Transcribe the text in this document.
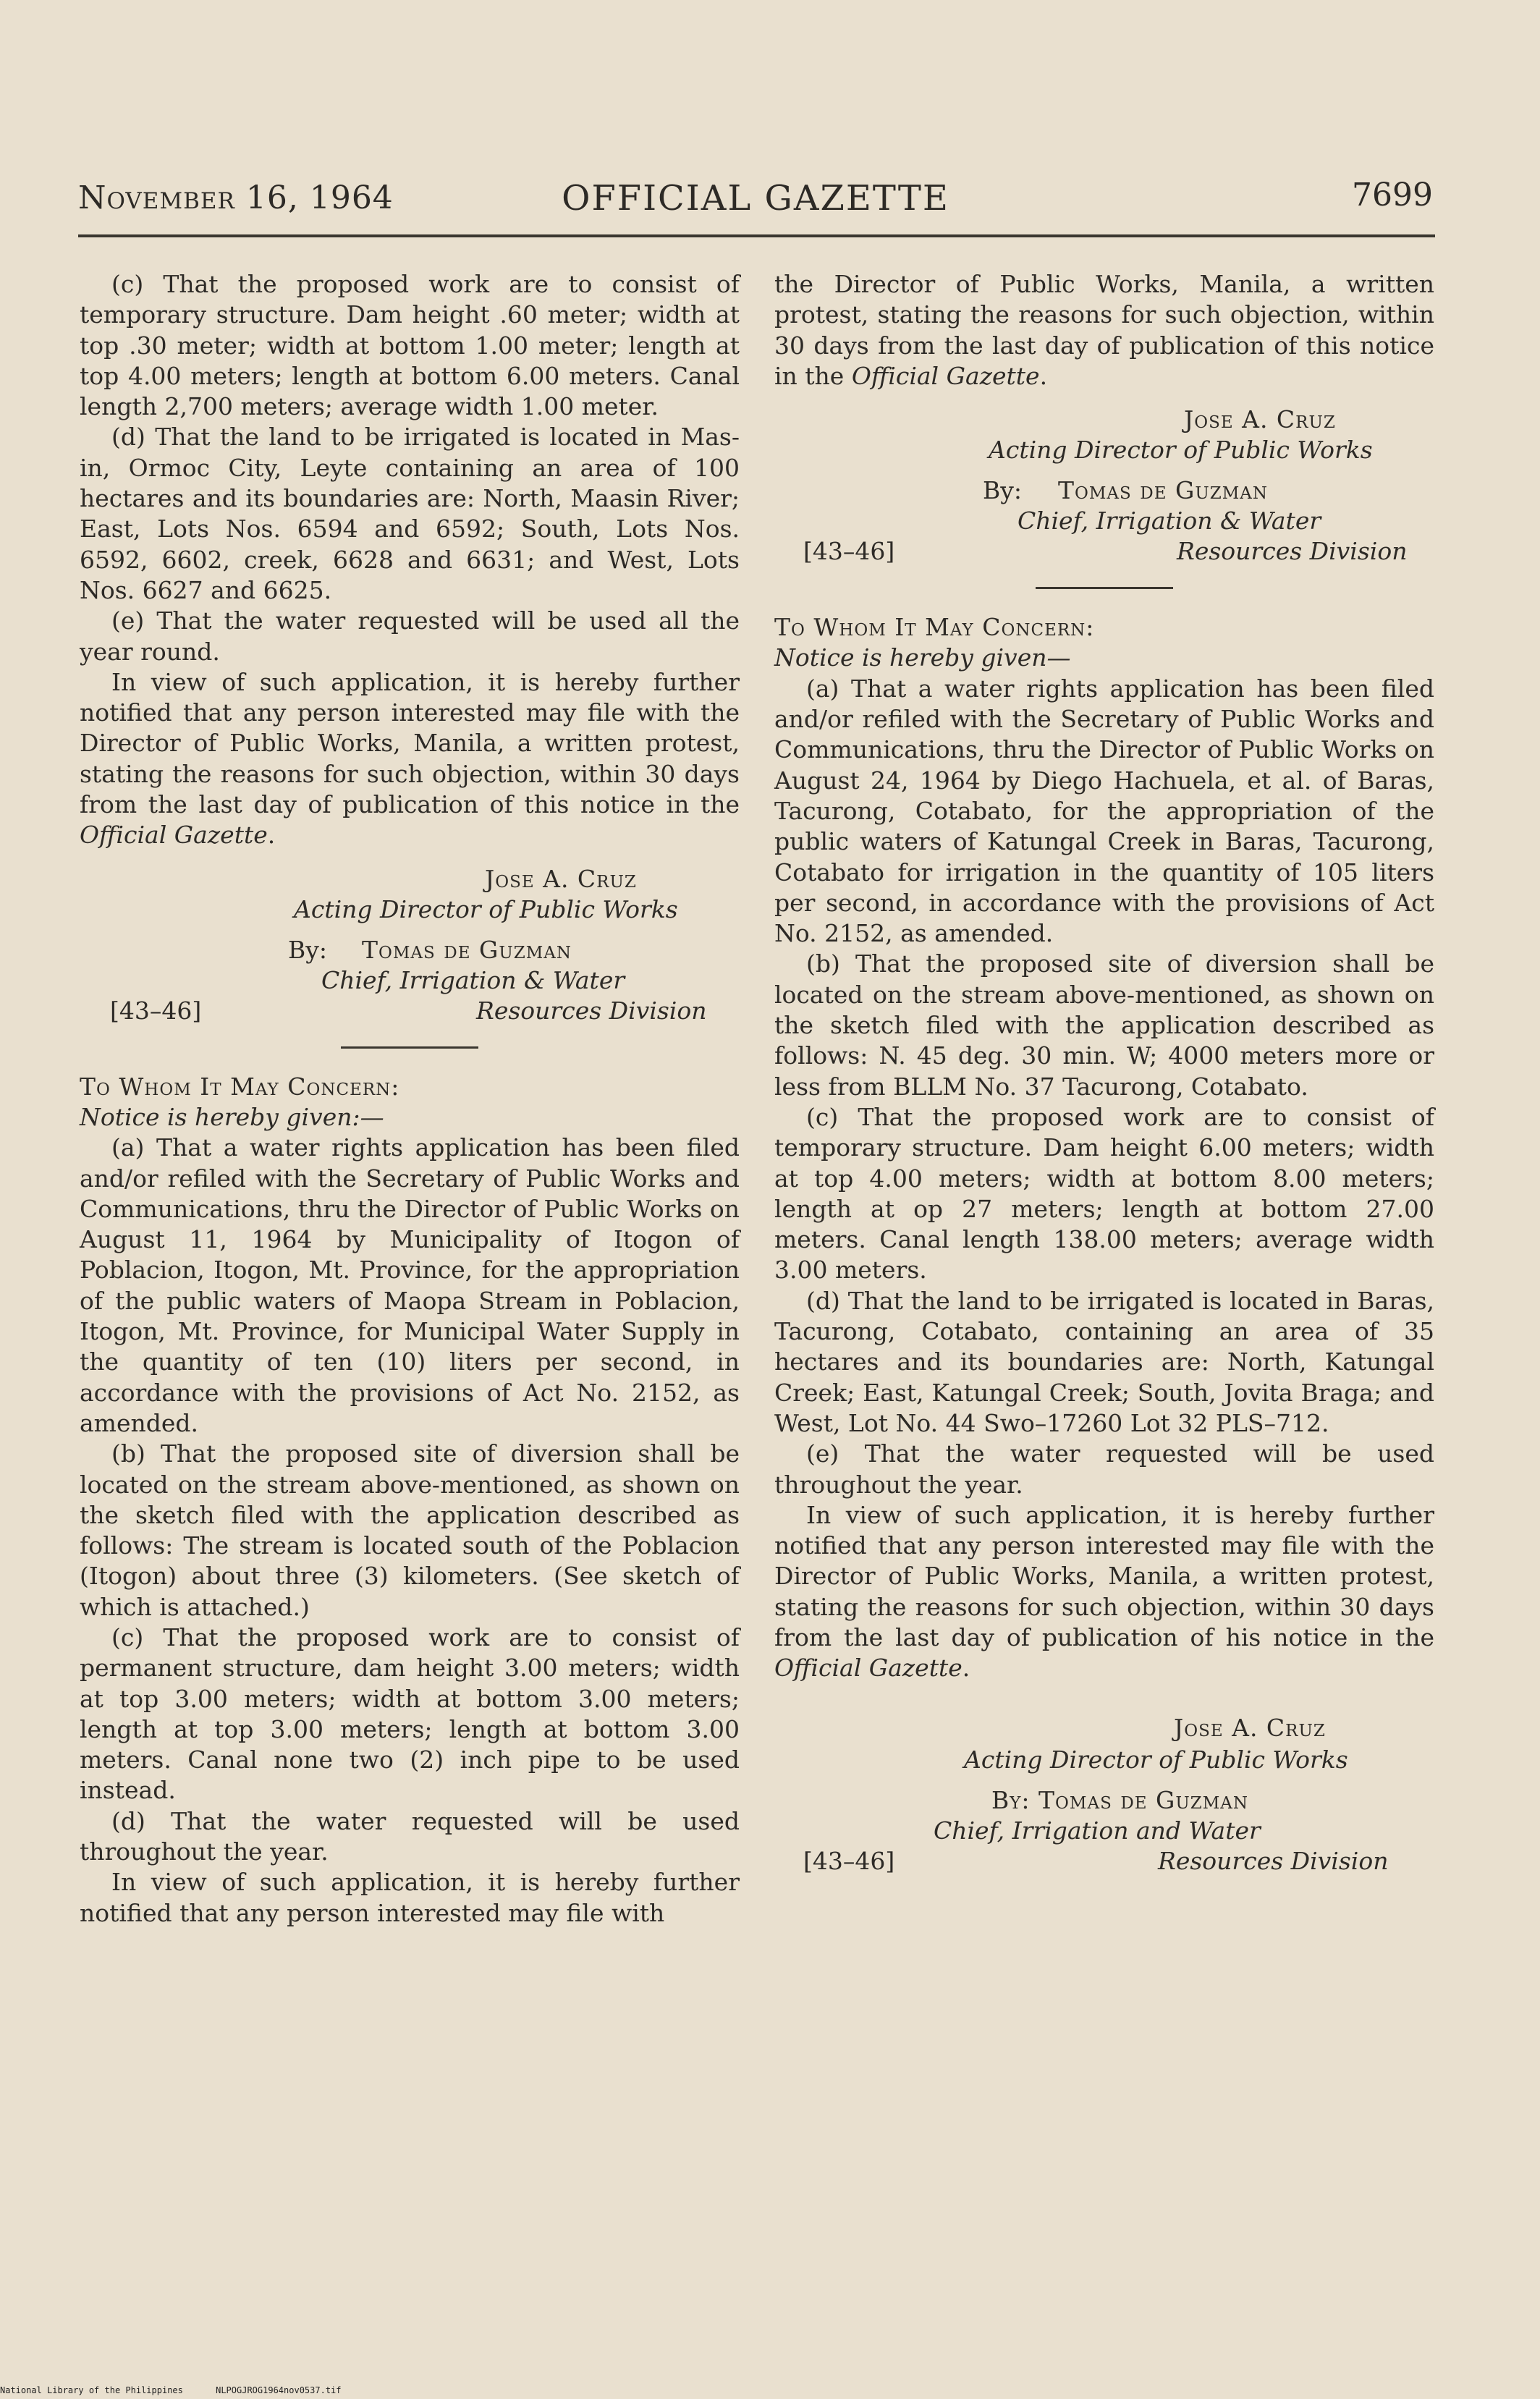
November 16, 1964	OFFICIAL GAZETTE	7699

(c) That the proposed work are to consist of temporary structure. Dam height .60 meter; width at top .30 meter; width at bottom 1.00 meter; length at top 4.00 meters; length at bottom 6.00 meters. Canal length 2,700 meters; average width 1.00 meter.

(d) That the land to be irrigated is located in Mas-in, Ormoc City, Leyte containing an area of 100 hectares and its boundaries are: North, Maasin River; East, Lots Nos. 6594 and 6592; South, Lots Nos. 6592, 6602, creek, 6628 and 6631; and West, Lots Nos. 6627 and 6625.

(e) That the water requested will be used all the year round.

In view of such application, it is hereby further notified that any person interested may file with the Director of Public Works, Manila, a written protest, stating the reasons for such objection, within 30 days from the last day of publication of this notice in the Official Gazette.

Jose A. Cruz
Acting Director of Public Works
By: Tomas de Guzman
Chief, Irrigation & Water
[43–46]	Resources Division

To Whom It May Concern:

Notice is hereby given:—

(a) That a water rights application has been filed and/or refiled with the Secretary of Public Works and Communications, thru the Director of Public Works on August 11, 1964 by Municipality of Itogon of Poblacion, Itogon, Mt. Province, for the appropriation of the public waters of Maopa Stream in Poblacion, Itogon, Mt. Province, for Municipal Water Supply in the quantity of ten (10) liters per second, in accordance with the provisions of Act No. 2152, as amended.

(b) That the proposed site of diversion shall be located on the stream above-mentioned, as shown on the sketch filed with the application described as follows: The stream is located south of the Poblacion (Itogon) about three (3) kilometers. (See sketch of which is attached.)

(c) That the proposed work are to consist of permanent structure, dam height 3.00 meters; width at top 3.00 meters; width at bottom 3.00 meters; length at top 3.00 meters; length at bottom 3.00 meters. Canal none two (2) inch pipe to be used instead.

(d) That the water requested will be used throughout the year.

In view of such application, it is hereby further notified that any person interested may file with

the Director of Public Works, Manila, a written protest, stating the reasons for such objection, within 30 days from the last day of publication of this notice in the Official Gazette.

Jose A. Cruz
Acting Director of Public Works
By: Tomas de Guzman
Chief, Irrigation & Water
[43–46]	Resources Division

To Whom It May Concern:

Notice is hereby given—

(a) That a water rights application has been filed and/or refiled with the Secretary of Public Works and Communications, thru the Director of Public Works on August 24, 1964 by Diego Hachuela, et al. of Baras, Tacurong, Cotabato, for the appropriation of the public waters of Katungal Creek in Baras, Tacurong, Cotabato for irrigation in the quantity of 105 liters per second, in accordance with the provisions of Act No. 2152, as amended.

(b) That the proposed site of diversion shall be located on the stream above-mentioned, as shown on the sketch filed with the application described as follows: N. 45 deg. 30 min. W; 4000 meters more or less from BLLM No. 37 Tacurong, Cotabato.

(c) That the proposed work are to consist of temporary structure. Dam height 6.00 meters; width at top 4.00 meters; width at bottom 8.00 meters; length at op 27 meters; length at bottom 27.00 meters. Canal length 138.00 meters; average width 3.00 meters.

(d) That the land to be irrigated is located in Baras, Tacurong, Cotabato, containing an area of 35 hectares and its boundaries are: North, Katungal Creek; East, Katungal Creek; South, Jovita Braga; and West, Lot No. 44 Swo–17260 Lot 32 PLS–712.

(e) That the water requested will be used throughout the year.

In view of such application, it is hereby further notified that any person interested may file with the Director of Public Works, Manila, a written protest, stating the reasons for such objection, within 30 days from the last day of publication of his notice in the Official Gazette.

Jose A. Cruz
Acting Director of Public Works
By: Tomas de Guzman
Chief, Irrigation and Water
[43–46]	Resources Division
National Library of the Philippines	NLPOGJROG1964nov0537.tif
